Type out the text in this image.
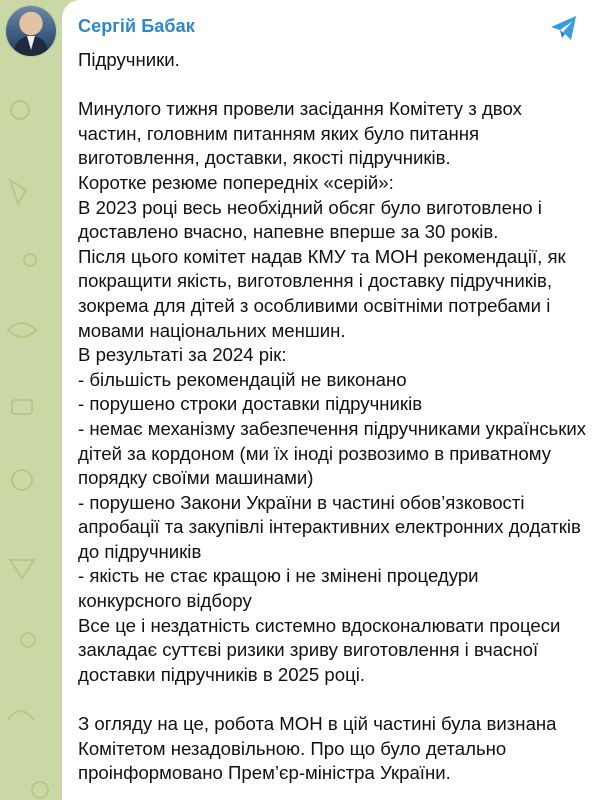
Сергій Бабак

Підручники.

Минулого тижня провели засідання Комітету з двох частин, головним питанням яких було питання виготовлення, доставки, якості підручників.

Коротке резюме попередніх «серій»:

В 2023 році весь необхідний обсяг було виготовлено і доставлено вчасно, напевне вперше за 30 років.

Після цього комітет надав КМУ та МОН рекомендації, як покращити якість, виготовлення і доставку підручників, зокрема для дітей з особливими освітніми потребами і мовами національних меншин.

В результаті за 2024 рік:

- більшість рекомендацій не виконано

- порушено строки доставки підручників

- немає механізму забезпечення підручниками українських дітей за кордоном (ми їх іноді розвозимо в приватному порядку своїми машинами)

- порушено Закони України в частині обов’язковості апробації та закупівлі інтерактивних електронних додатків до підручників

- якість не стає кращою і не змінені процедури конкурсного відбору

Все це і нездатність системно вдосконалювати процеси закладає суттєві ризики зриву виготовлення і вчасної доставки підручників в 2025 році.

З огляду на це, робота МОН в цій частині була визнана Комітетом незадовільною. Про що було детально проінформовано Прем’єр-міністра України.
